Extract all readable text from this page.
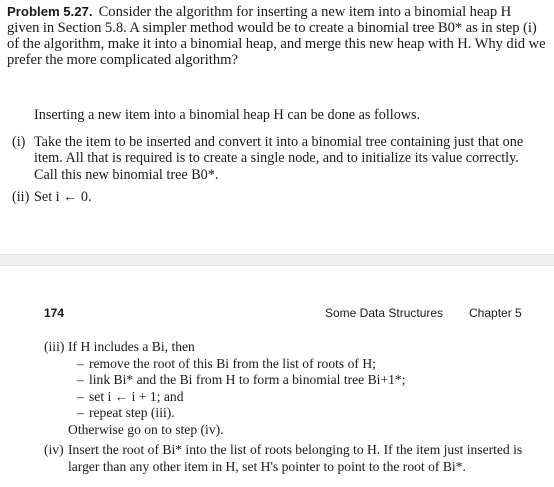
Problem 5.27. Consider the algorithm for inserting a new item into a binomial heap H given in Section 5.8. A simpler method would be to create a binomial tree B0* as in step (i) of the algorithm, make it into a binomial heap, and merge this new heap with H. Why did we prefer the more complicated algorithm?
Inserting a new item into a binomial heap H can be done as follows.
(i) Take the item to be inserted and convert it into a binomial tree containing just that one item. All that is required is to create a single node, and to initialize its value correctly. Call this new binomial tree B0*.
(ii) Set i ← 0.
174	Some Data Structures Chapter 5
(iii) If H includes a Bi, then
– remove the root of this Bi from the list of roots of H;
– link Bi* and the Bi from H to form a binomial tree Bi+1*;
– set i ← i + 1; and
– repeat step (iii).
Otherwise go on to step (iv).
(iv) Insert the root of Bi* into the list of roots belonging to H. If the item just inserted is larger than any other item in H, set H's pointer to point to the root of Bi*.
